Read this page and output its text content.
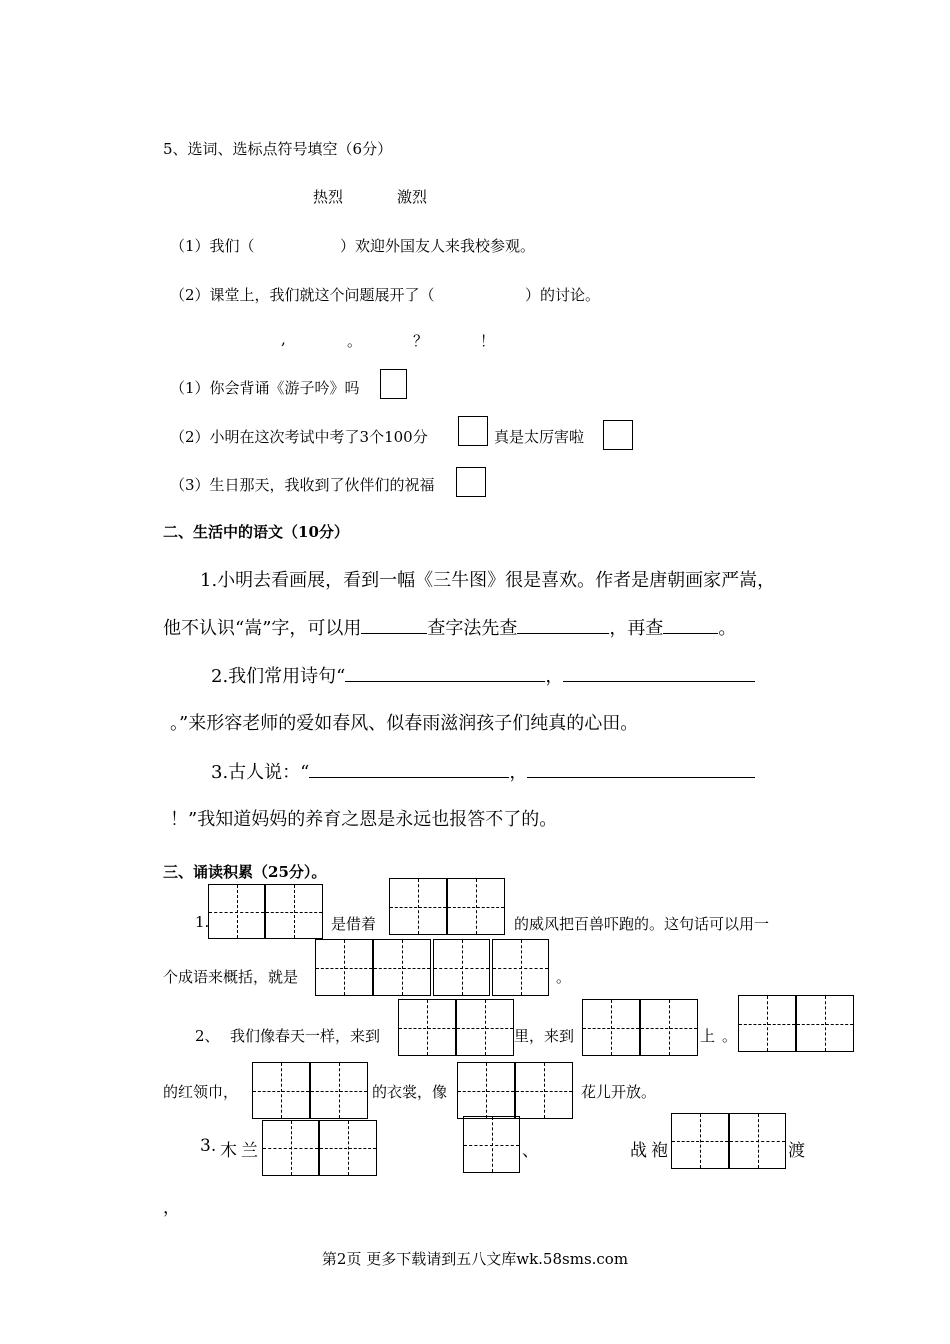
5、选词、选标点符号填空（6分）
热烈	激烈
（1）我们（	）欢迎外国友人来我校参观。
（2）课堂上，我们就这个问题展开了（	）的讨论。
,	。	？	！
（1）你会背诵《游子吟》吗
（2）小明在这次考试中考了3个100分	真是太厉害啦
（3）生日那天，我收到了伙伴们的祝福
二、生活中的语文（10分）
1.小明去看画展，看到一幅《三牛图》很是喜欢。作者是唐朝画家严嵩，
他不认识“嵩”字，可以用	查字法先查	，再查	。
2.我们常用诗句“	，
。”来形容老师的爱如春风、似春雨滋润孩子们纯真的心田。
3.古人说：“	，
！”我知道妈妈的养育之恩是永远也报答不了的。
三、诵读积累（25分）。
1.	是借着	的威风把百兽吓跑的。这句话可以用一
个成语来概括，就是	。
2、 我们像春天一样，来到	里，来到	上 。
的红领巾，	的衣裳，像	花儿开放。
3. 木兰	、	战袍	渡
，
第2页 更多下载请到五八文库wk.58sms.com
